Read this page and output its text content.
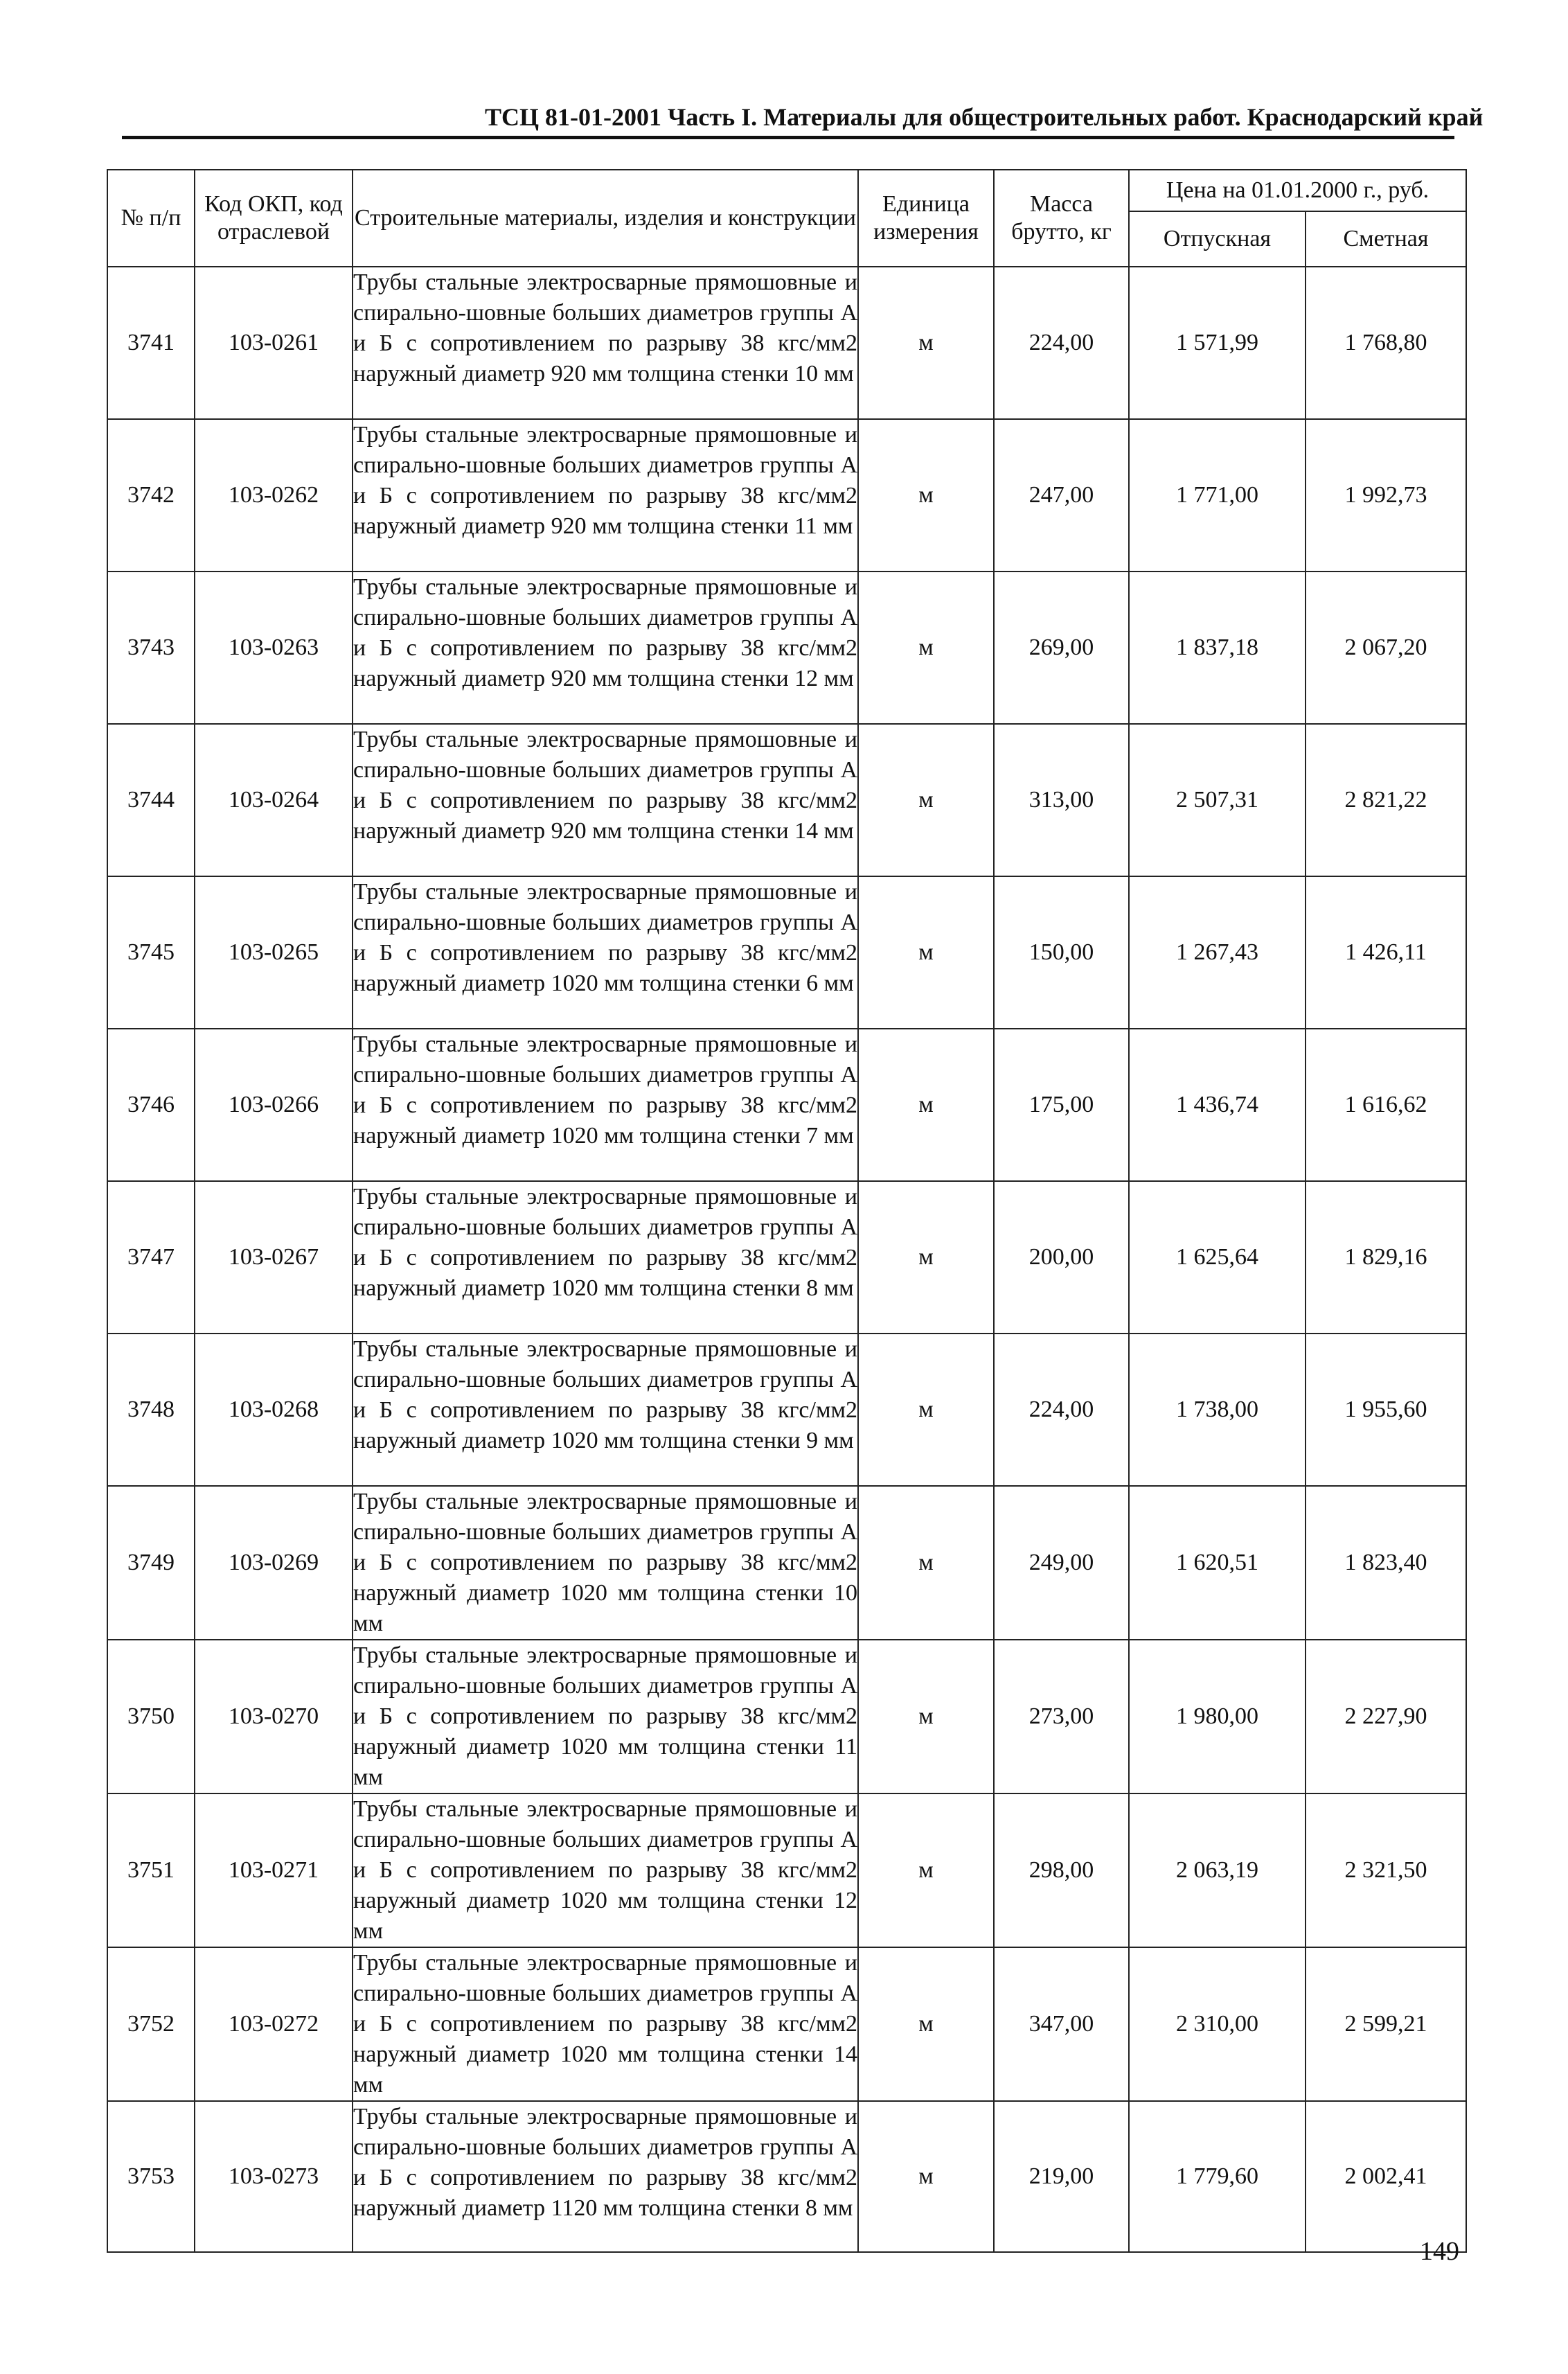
ТСЦ 81-01-2001 Часть I. Материалы для общестроительных работ. Краснодарский край
№ п/п	Код ОКП, код отраслевой	Строительные материалы, изделия и конструкции	Единица измерения	Масса брутто, кг	Цена на 01.01.2000 г., руб.	
					Отпускная	Сметная
3741	103-0261	Трубы стальные электросварные прямошовные и спирально-шовные больших диаметров группы А и Б с сопротивлением по разрыву 38 кгс/мм2 наружный диаметр 920 мм толщина стенки 10 мм	м	224,00	1 571,99	1 768,80
3742	103-0262	Трубы стальные электросварные прямошовные и спирально-шовные больших диаметров группы А и Б с сопротивлением по разрыву 38 кгс/мм2 наружный диаметр 920 мм толщина стенки 11 мм	м	247,00	1 771,00	1 992,73
3743	103-0263	Трубы стальные электросварные прямошовные и спирально-шовные больших диаметров группы А и Б с сопротивлением по разрыву 38 кгс/мм2 наружный диаметр 920 мм толщина стенки 12 мм	м	269,00	1 837,18	2 067,20
3744	103-0264	Трубы стальные электросварные прямошовные и спирально-шовные больших диаметров группы А и Б с сопротивлением по разрыву 38 кгс/мм2 наружный диаметр 920 мм толщина стенки 14 мм	м	313,00	2 507,31	2 821,22
3745	103-0265	Трубы стальные электросварные прямошовные и спирально-шовные больших диаметров группы А и Б с сопротивлением по разрыву 38 кгс/мм2 наружный диаметр 1020 мм толщина стенки 6 мм	м	150,00	1 267,43	1 426,11
3746	103-0266	Трубы стальные электросварные прямошовные и спирально-шовные больших диаметров группы А и Б с сопротивлением по разрыву 38 кгс/мм2 наружный диаметр 1020 мм толщина стенки 7 мм	м	175,00	1 436,74	1 616,62
3747	103-0267	Трубы стальные электросварные прямошовные и спирально-шовные больших диаметров группы А и Б с сопротивлением по разрыву 38 кгс/мм2 наружный диаметр 1020 мм толщина стенки 8 мм	м	200,00	1 625,64	1 829,16
3748	103-0268	Трубы стальные электросварные прямошовные и спирально-шовные больших диаметров группы А и Б с сопротивлением по разрыву 38 кгс/мм2 наружный диаметр 1020 мм толщина стенки 9 мм	м	224,00	1 738,00	1 955,60
3749	103-0269	Трубы стальные электросварные прямошовные и спирально-шовные больших диаметров группы А и Б с сопротивлением по разрыву 38 кгс/мм2 наружный диаметр 1020 мм толщина стенки 10 мм	м	249,00	1 620,51	1 823,40
3750	103-0270	Трубы стальные электросварные прямошовные и спирально-шовные больших диаметров группы А и Б с сопротивлением по разрыву 38 кгс/мм2 наружный диаметр 1020 мм толщина стенки 11 мм	м	273,00	1 980,00	2 227,90
3751	103-0271	Трубы стальные электросварные прямошовные и спирально-шовные больших диаметров группы А и Б с сопротивлением по разрыву 38 кгс/мм2 наружный диаметр 1020 мм толщина стенки 12 мм	м	298,00	2 063,19	2 321,50
3752	103-0272	Трубы стальные электросварные прямошовные и спирально-шовные больших диаметров группы А и Б с сопротивлением по разрыву 38 кгс/мм2 наружный диаметр 1020 мм толщина стенки 14 мм	м	347,00	2 310,00	2 599,21
3753	103-0273	Трубы стальные электросварные прямошовные и спирально-шовные больших диаметров группы А и Б с сопротивлением по разрыву 38 кгс/мм2 наружный диаметр 1120 мм толщина стенки 8 мм	м	219,00	1 779,60	2 002,41
149
